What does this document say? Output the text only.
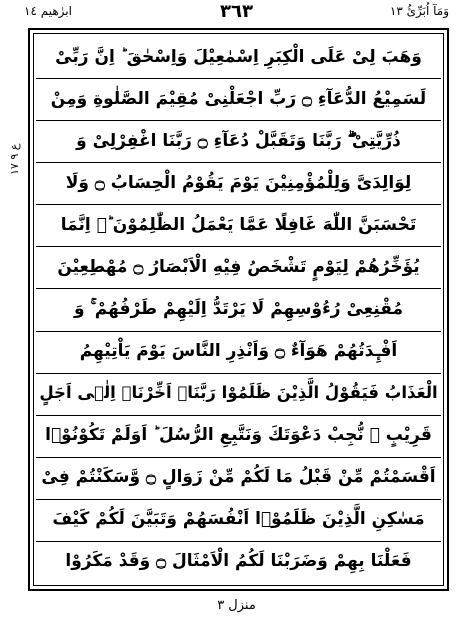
ابرٰهيم ١٤	٣٦٣	وَمَآ اُبَرِّئُ ١٣
ع ٩ ١٧
وَهَبَ لِیْ عَلَی الْكِبَرِ اِسْمٰعِیْلَ وَاِسْحٰقَ ؕ اِنَّ رَبِّیْ
لَسَمِیْعُ الدُّعَآءِ ۝ رَبِّ اجْعَلْنِیْ مُقِیْمَ الصَّلٰوةِ وَمِنْ
ذُرِّیَّتِیْ ۖۗ رَبَّنَا وَتَقَبَّلْ دُعَآءِ ۝ رَبَّنَا اغْفِرْلِیْ وَ
لِوَالِدَیَّ وَلِلْمُؤْمِنِیْنَ یَوْمَ یَقُوْمُ الْحِسَابُ ۝ وَلَا
تَحْسَبَنَّ اللّٰهَ غَافِلًا عَمَّا یَعْمَلُ الظّٰلِمُوْنَ ؕ۬ اِنَّمَا
یُؤَخِّرُهُمْ لِیَوْمٍ تَشْخَصُ فِیْهِ الْاَبْصَارُ ۝ مُهْطِعِیْنَ
مُقْنِعِیْ رُءُوْسِهِمْ لَا یَرْتَدُّ اِلَیْهِمْ طَرْفُهُمْ ۚ وَ
اَفْـِٕدَتُهُمْ هَوَآءٌ ۝ وَاَنْذِرِ النَّاسَ یَوْمَ یَاْتِیْهِمُ
الْعَذَابُ فَیَقُوْلُ الَّذِیْنَ ظَلَمُوْا رَبَّنَاۤ اَخِّرْنَاۤ اِلٰۤی اَجَلٍ
قَرِیْبٍ ۙ نُّجِبْ دَعْوَتَكَ وَنَتَّبِعِ الرُّسُلَ ؕ اَوَلَمْ تَكُوْنُوْۤا
اَقْسَمْتُمْ مِّنْ قَبْلُ مَا لَكُمْ مِّنْ زَوَالٍ ۝ وَّسَكَنْتُمْ فِیْ
مَسٰكِنِ الَّذِیْنَ ظَلَمُوْۤا اَنْفُسَهُمْ وَتَبَیَّنَ لَكُمْ كَیْفَ
فَعَلْنَا بِهِمْ وَضَرَبْنَا لَكُمُ الْاَمْثَالَ ۝ وَقَدْ مَكَرُوْا
منزل ٣
